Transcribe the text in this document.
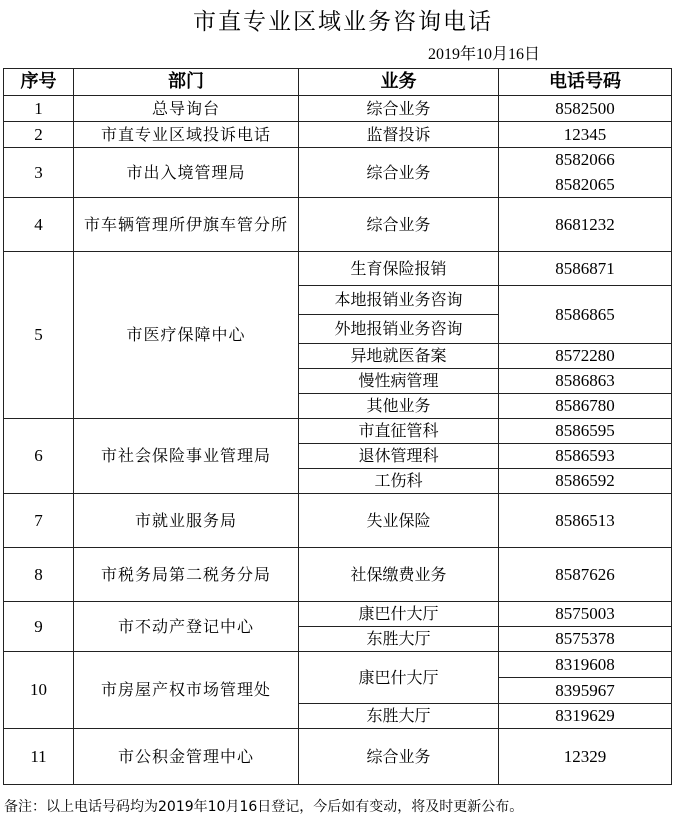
市直专业区域业务咨询电话
2019年10月16日
序号	部门	业务	电话号码
1	总导询台	综合业务	8582500
2	市直专业区域投诉电话	监督投诉	12345
3	市出入境管理局	综合业务	8582066
			8582065
4	市车辆管理所伊旗车管分所	综合业务	8681232
5	市医疗保障中心	生育保险报销	8586871
		本地报销业务咨询	8586865
		外地报销业务咨询	
		异地就医备案	8572280
		慢性病管理	8586863
		其他业务	8586780
6	市社会保险事业管理局	市直征管科	8586595
		退休管理科	8586593
		工伤科	8586592
7	市就业服务局	失业保险	8586513
8	市税务局第二税务分局	社保缴费业务	8587626
9	市不动产登记中心	康巴什大厅	8575003
		东胜大厅	8575378
10	市房屋产权市场管理处	康巴什大厅	8319608
			8395967
		东胜大厅	8319629
11	市公积金管理中心	综合业务	12329
备注：以上电话号码均为2019年10月16日登记，今后如有变动，将及时更新公布。
